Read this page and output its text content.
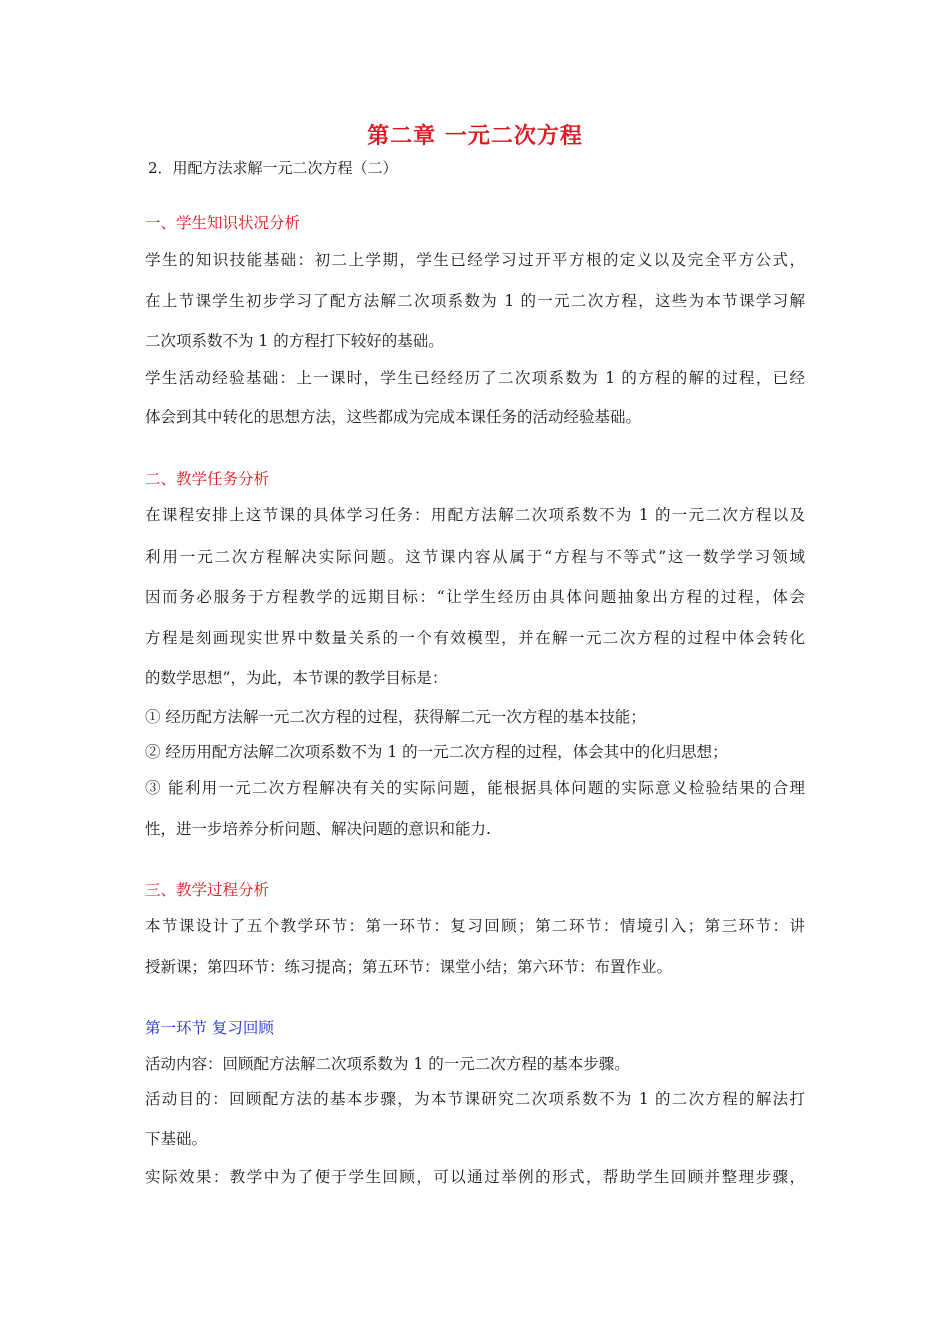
第二章 一元二次方程
2．用配方法求解一元二次方程（二）
一、学生知识状况分析
学生的知识技能基础：初二上学期，学生已经学习过开平方根的定义以及完全平方公式，
在上节课学生初步学习了配方法解二次项系数为 1 的一元二次方程，这些为本节课学习解
二次项系数不为 1 的方程打下较好的基础。
学生活动经验基础：上一课时，学生已经经历了二次项系数为 1 的方程的解的过程，已经
体会到其中转化的思想方法，这些都成为完成本课任务的活动经验基础。
二、教学任务分析
在课程安排上这节课的具体学习任务：用配方法解二次项系数不为 1 的一元二次方程以及
利用一元二次方程解决实际问题。这节课内容从属于“方程与不等式”这一数学学习领域
因而务必服务于方程教学的远期目标：“让学生经历由具体问题抽象出方程的过程，体会
方程是刻画现实世界中数量关系的一个有效模型，并在解一元二次方程的过程中体会转化
的数学思想”，为此，本节课的教学目标是：
① 经历配方法解一元二次方程的过程，获得解二元一次方程的基本技能；
② 经历用配方法解二次项系数不为 1 的一元二次方程的过程，体会其中的化归思想；
③ 能利用一元二次方程解决有关的实际问题，能根据具体问题的实际意义检验结果的合理
性，进一步培养分析问题、解决问题的意识和能力.
三、教学过程分析
本节课设计了五个教学环节：第一环节：复习回顾；第二环节：情境引入；第三环节：讲
授新课；第四环节：练习提高；第五环节：课堂小结；第六环节：布置作业。
第一环节 复习回顾
活动内容：回顾配方法解二次项系数为 1 的一元二次方程的基本步骤。
活动目的：回顾配方法的基本步骤，为本节课研究二次项系数不为 1 的二次方程的解法打
下基础。
实际效果：教学中为了便于学生回顾，可以通过举例的形式，帮助学生回顾并整理步骤，
